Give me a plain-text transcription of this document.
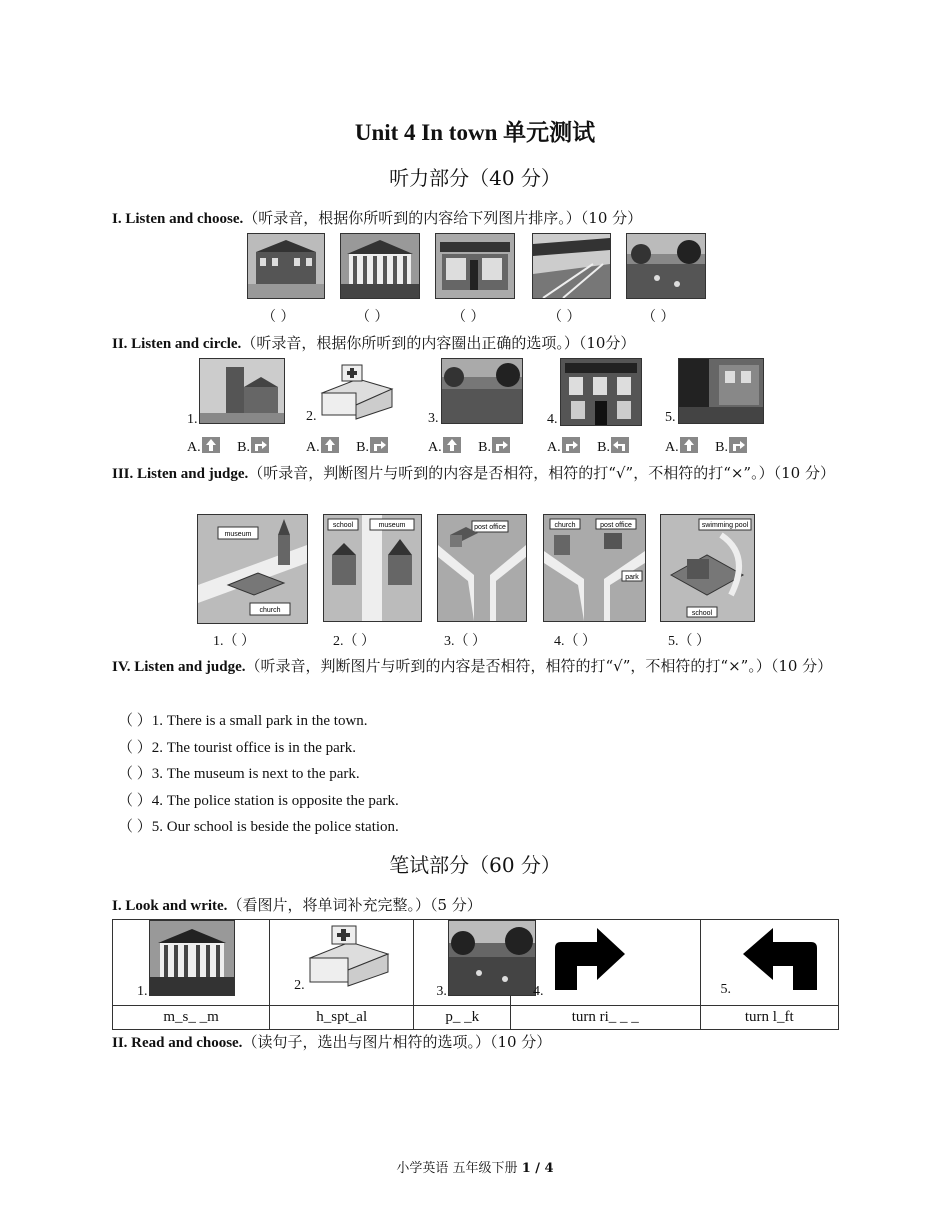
Unit 4 In town 单元测试
听力部分（40 分）
I. Listen and choose.（听录音，根据你所听到的内容给下列图片排序。）（10 分）
（ ）	（ ）	（ ）	（ ）	（ ）
II. Listen and circle.（听录音，根据你所听到的内容圈出正确的选项。）（10分）
1.	2.	3.	4.	5.
A.	B.	A.	B.	A.	B.	A.	B.	A.	B.
III. Listen and judge.（听录音，判断图片与听到的内容是否相符，相符的打“√”，不相符的打“×”。）（10 分）
museum
church
school	museum	post office	church	post office
park
swimming pool
school
1.（ ）	2.（ ）	3.（ ）	4.（ ）	5.（ ）
IV. Listen and judge.（听录音，判断图片与听到的内容是否相符，相符的打“√”，不相符的打“×”。）（10 分）
（ ）1. There is a small park in the town.
（ ）2. The tourist office is in the park.
（ ）3. The museum is next to the park.
（ ）4. The police station is opposite the park.
（ ）5. Our school is beside the police station.
笔试部分（60 分）
I. Look and write.（看图片，将单词补充完整。）（5 分）
1.	2.	3.	4.	5.

m_s_ _m	h_spt_al	p_ _k	turn ri_ _ _	turn l_ft
II. Read and choose.（读句子，选出与图片相符的选项。）（10 分）
小学英语 五年级下册 1 / 4
